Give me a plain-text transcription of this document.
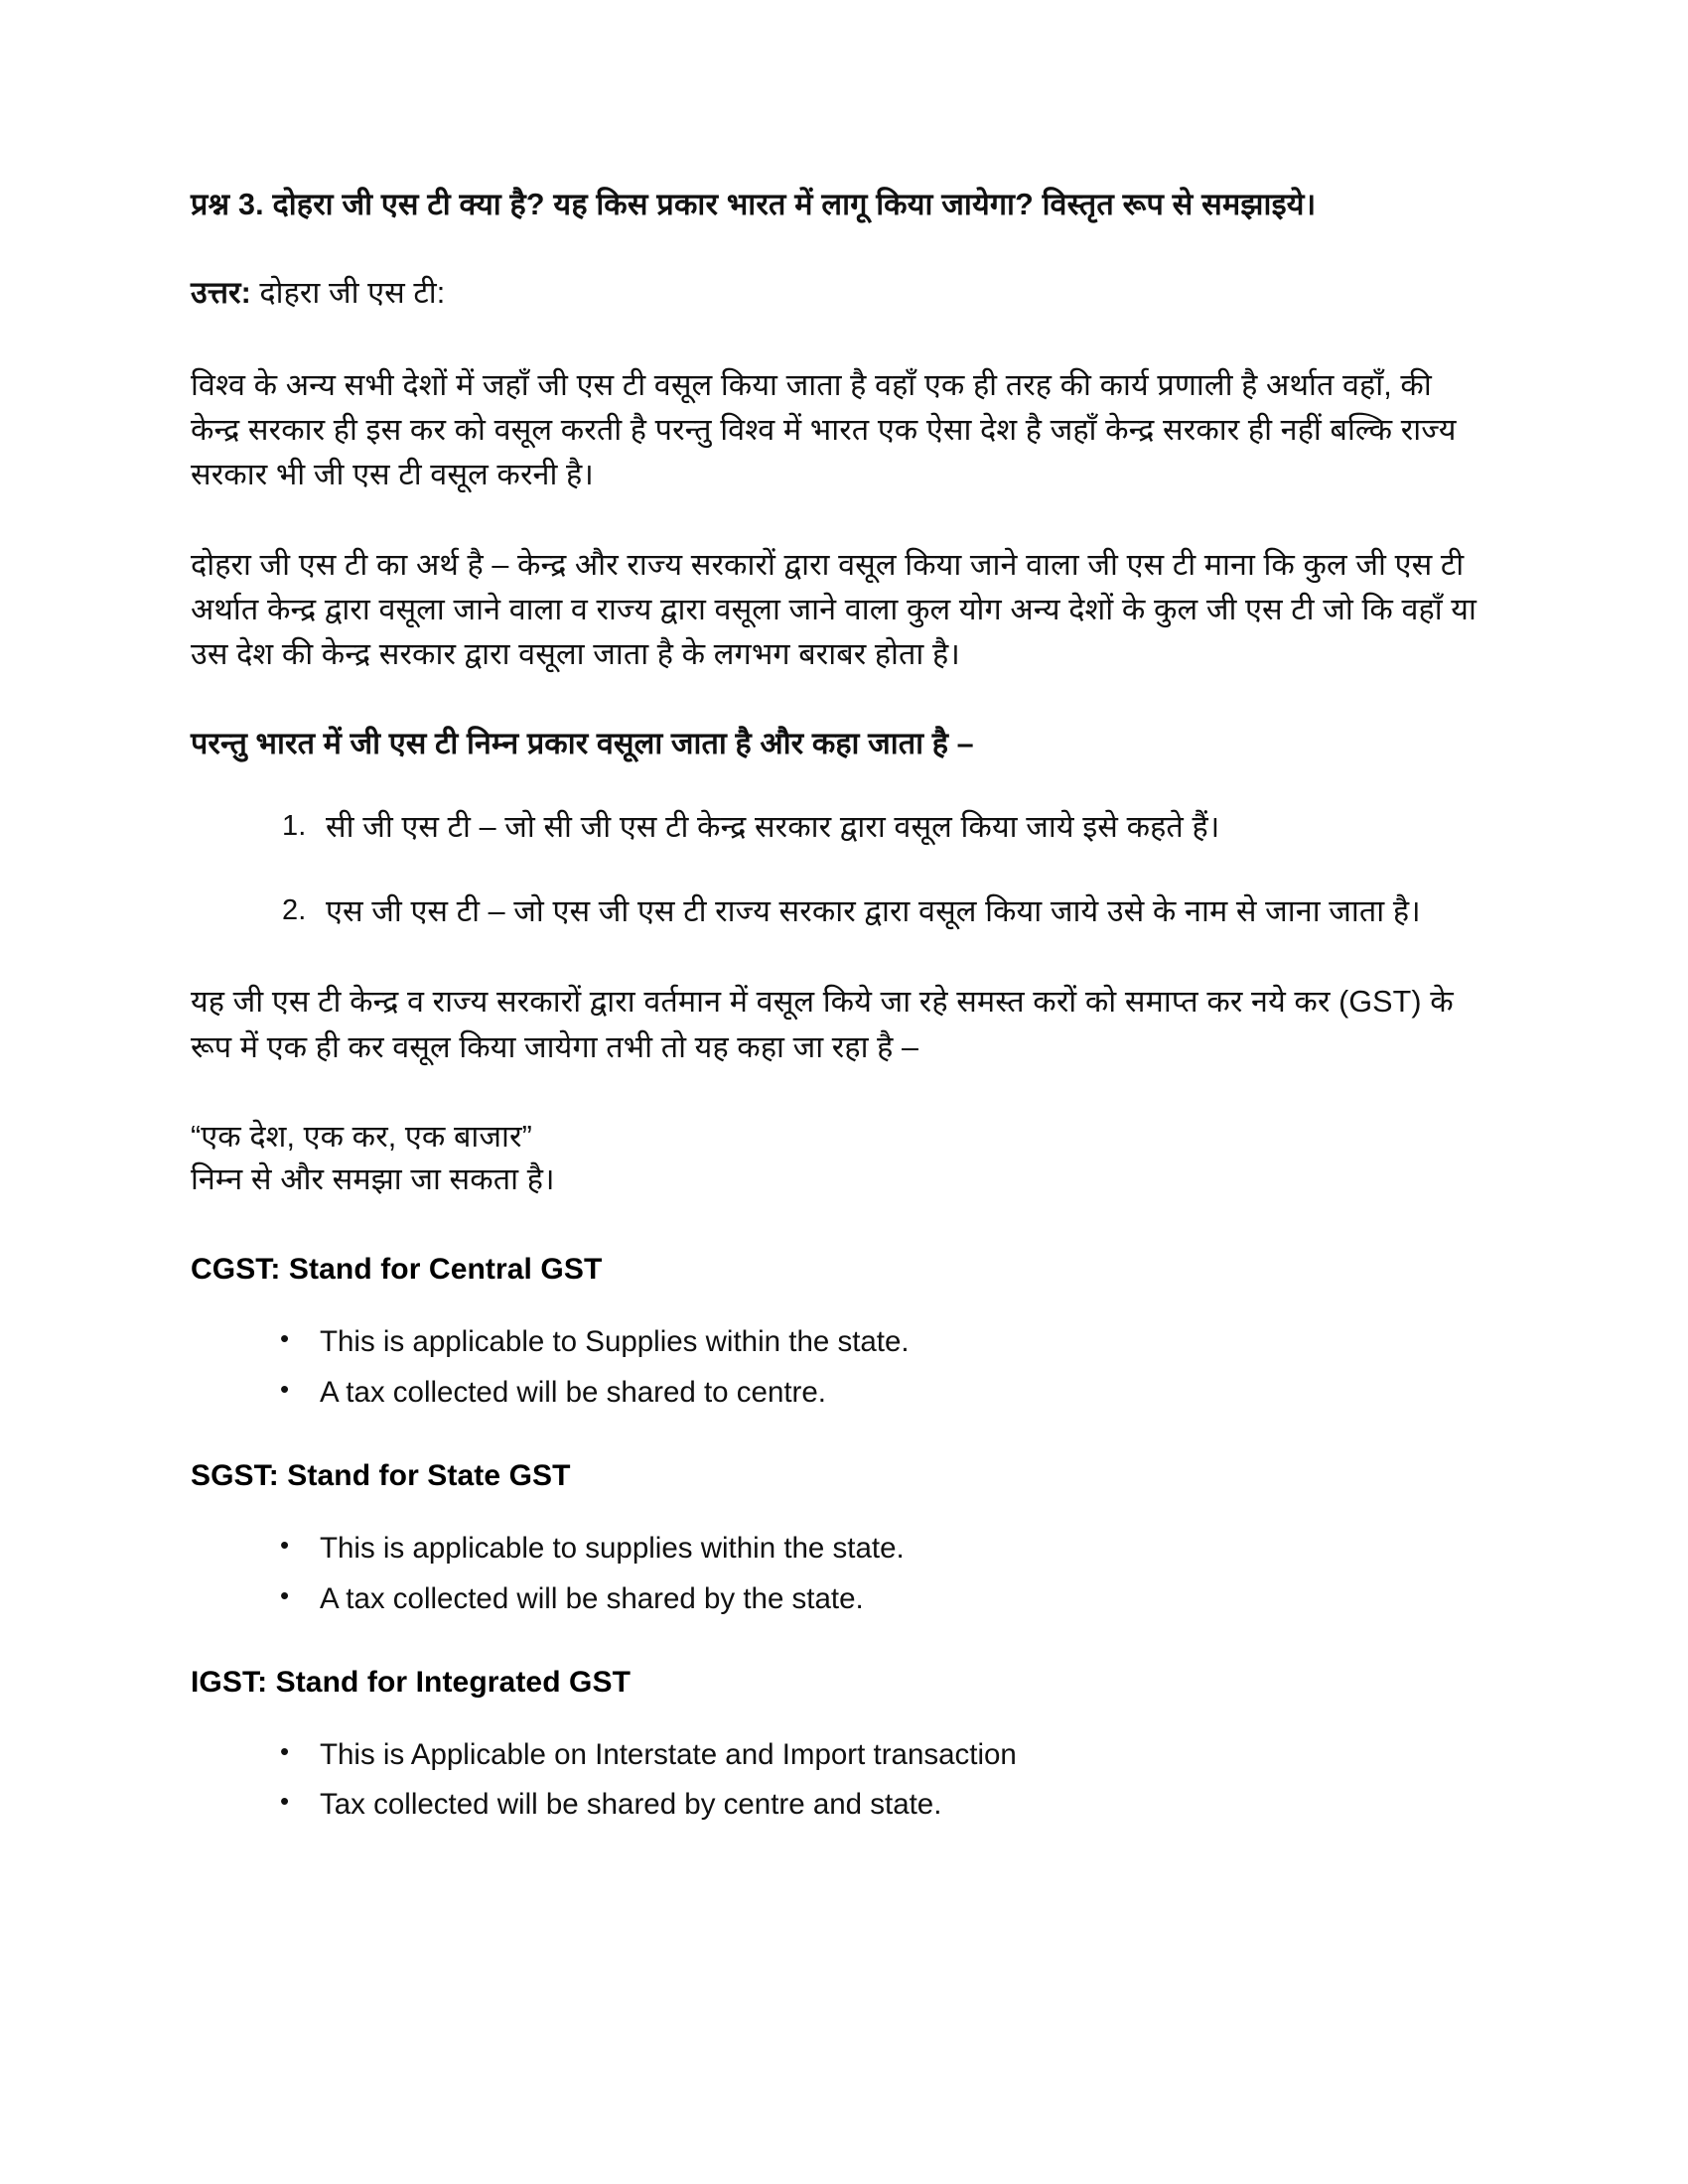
प्रश्न 3. दोहरा जी एस टी क्या है? यह किस प्रकार भारत में लागू किया जायेगा? विस्तृत रूप से समझाइये।
उत्तर: दोहरा जी एस टी:

विश्व के अन्य सभी देशों में जहाँ जी एस टी वसूल किया जाता है वहाँ एक ही तरह की कार्य प्रणाली है अर्थात वहाँ, की केन्द्र सरकार ही इस कर को वसूल करती है परन्तु विश्व में भारत एक ऐसा देश है जहाँ केन्द्र सरकार ही नहीं बल्कि राज्य सरकार भी जी एस टी वसूल करनी है।

दोहरा जी एस टी का अर्थ है – केन्द्र और राज्य सरकारों द्वारा वसूल किया जाने वाला जी एस टी माना कि कुल जी एस टी अर्थात केन्द्र द्वारा वसूला जाने वाला व राज्य द्वारा वसूला जाने वाला कुल योग अन्य देशों के कुल जी एस टी जो कि वहाँ या उस देश की केन्द्र सरकार द्वारा वसूला जाता है के लगभग बराबर होता है।

परन्तु भारत में जी एस टी निम्न प्रकार वसूला जाता है और कहा जाता है –
सी जी एस टी – जो सी जी एस टी केन्द्र सरकार द्वारा वसूल किया जाये इसे कहते हैं।
एस जी एस टी – जो एस जी एस टी राज्य सरकार द्वारा वसूल किया जाये उसे के नाम से जाना जाता है।

यह जी एस टी केन्द्र व राज्य सरकारों द्वारा वर्तमान में वसूल किये जा रहे समस्त करों को समाप्त कर नये कर (GST) के रूप में एक ही कर वसूल किया जायेगा तभी तो यह कहा जा रहा है –

“एक देश, एक कर, एक बाजार”
निम्न से और समझा जा सकता है।
CGST: Stand for Central GST
• This is applicable to Supplies within the state.
• A tax collected will be shared to centre.
SGST: Stand for State GST
• This is applicable to supplies within the state.
• A tax collected will be shared by the state.
IGST: Stand for Integrated GST
• This is Applicable on Interstate and Import transaction
• Tax collected will be shared by centre and state.
